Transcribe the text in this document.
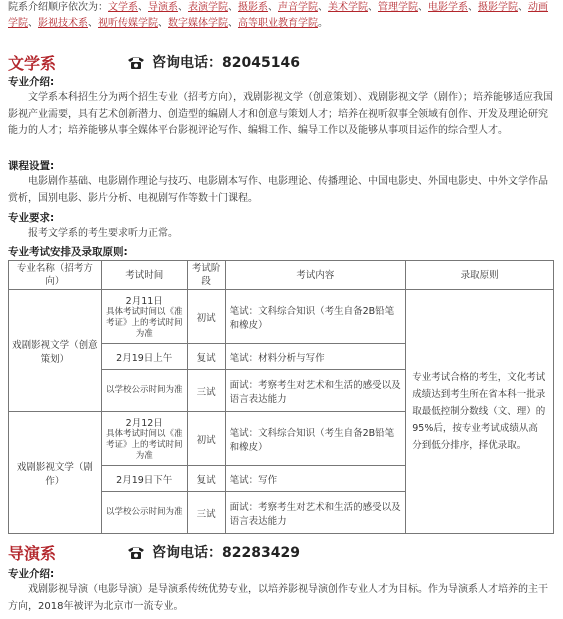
院系介绍顺序依次为：文学系、导演系、表演学院、摄影系、声音学院、美术学院、管理学院、电影学系、摄影学院、动画学院、影视技术系、视听传媒学院、数字媒体学院、高等职业教育学院。
文学系	咨询电话：82045146
专业介绍:
文学系本科招生分为两个招生专业（招考方向），戏剧影视文学（创意策划）、戏剧影视文学（剧作）；培养能够适应我国影视产业需要，具有艺术创新潜力、创造型的编剧人才和创意与策划人才；培养在视听叙事全领域有创作、开发及理论研究能力的人才；培养能够从事全媒体平台影视评论写作、编辑工作、编导工作以及能够从事项目运作的综合型人才。
课程设置:
电影剧作基础、电影剧作理论与技巧、电影剧本写作、电影理论、传播理论、中国电影史、外国电影史、中外文学作品赏析，国别电影、影片分析、电视剧写作等数十门课程。
专业要求:
报考文学系的考生要求听力正常。
专业考试安排及录取原则:
专业名称（招考方向）	考试时间	考试阶段	考试内容	录取原则
戏剧影视文学（创意策划）	2月11日
具体考试时间以《准考证》上的考试时间为准	初试	笔试：文科综合知识（考生自备2B铅笔和橡皮）	专业考试合格的考生，文化考试成绩达到考生所在省本科一批录取最低控制分数线（文、理）的95%后，按专业考试成绩从高分到低分排序，择优录取。
	2月19日上午	复试	笔试：材料分析与写作	
	以学校公示时间为准	三试	面试：考察考生对艺术和生活的感受以及语言表达能力	
戏剧影视文学（剧作）	2月12日
具体考试时间以《准考证》上的考试时间为准	初试	笔试：文科综合知识（考生自备2B铅笔和橡皮）	
	2月19日下午	复试	笔试：写作	
	以学校公示时间为准	三试	面试：考察考生对艺术和生活的感受以及语言表达能力	
导演系	咨询电话：82283429
专业介绍:
戏剧影视导演（电影导演）是导演系传统优势专业，以培养影视导演创作专业人才为目标。作为导演系人才培养的主干方向，2018年被评为北京市一流专业。
